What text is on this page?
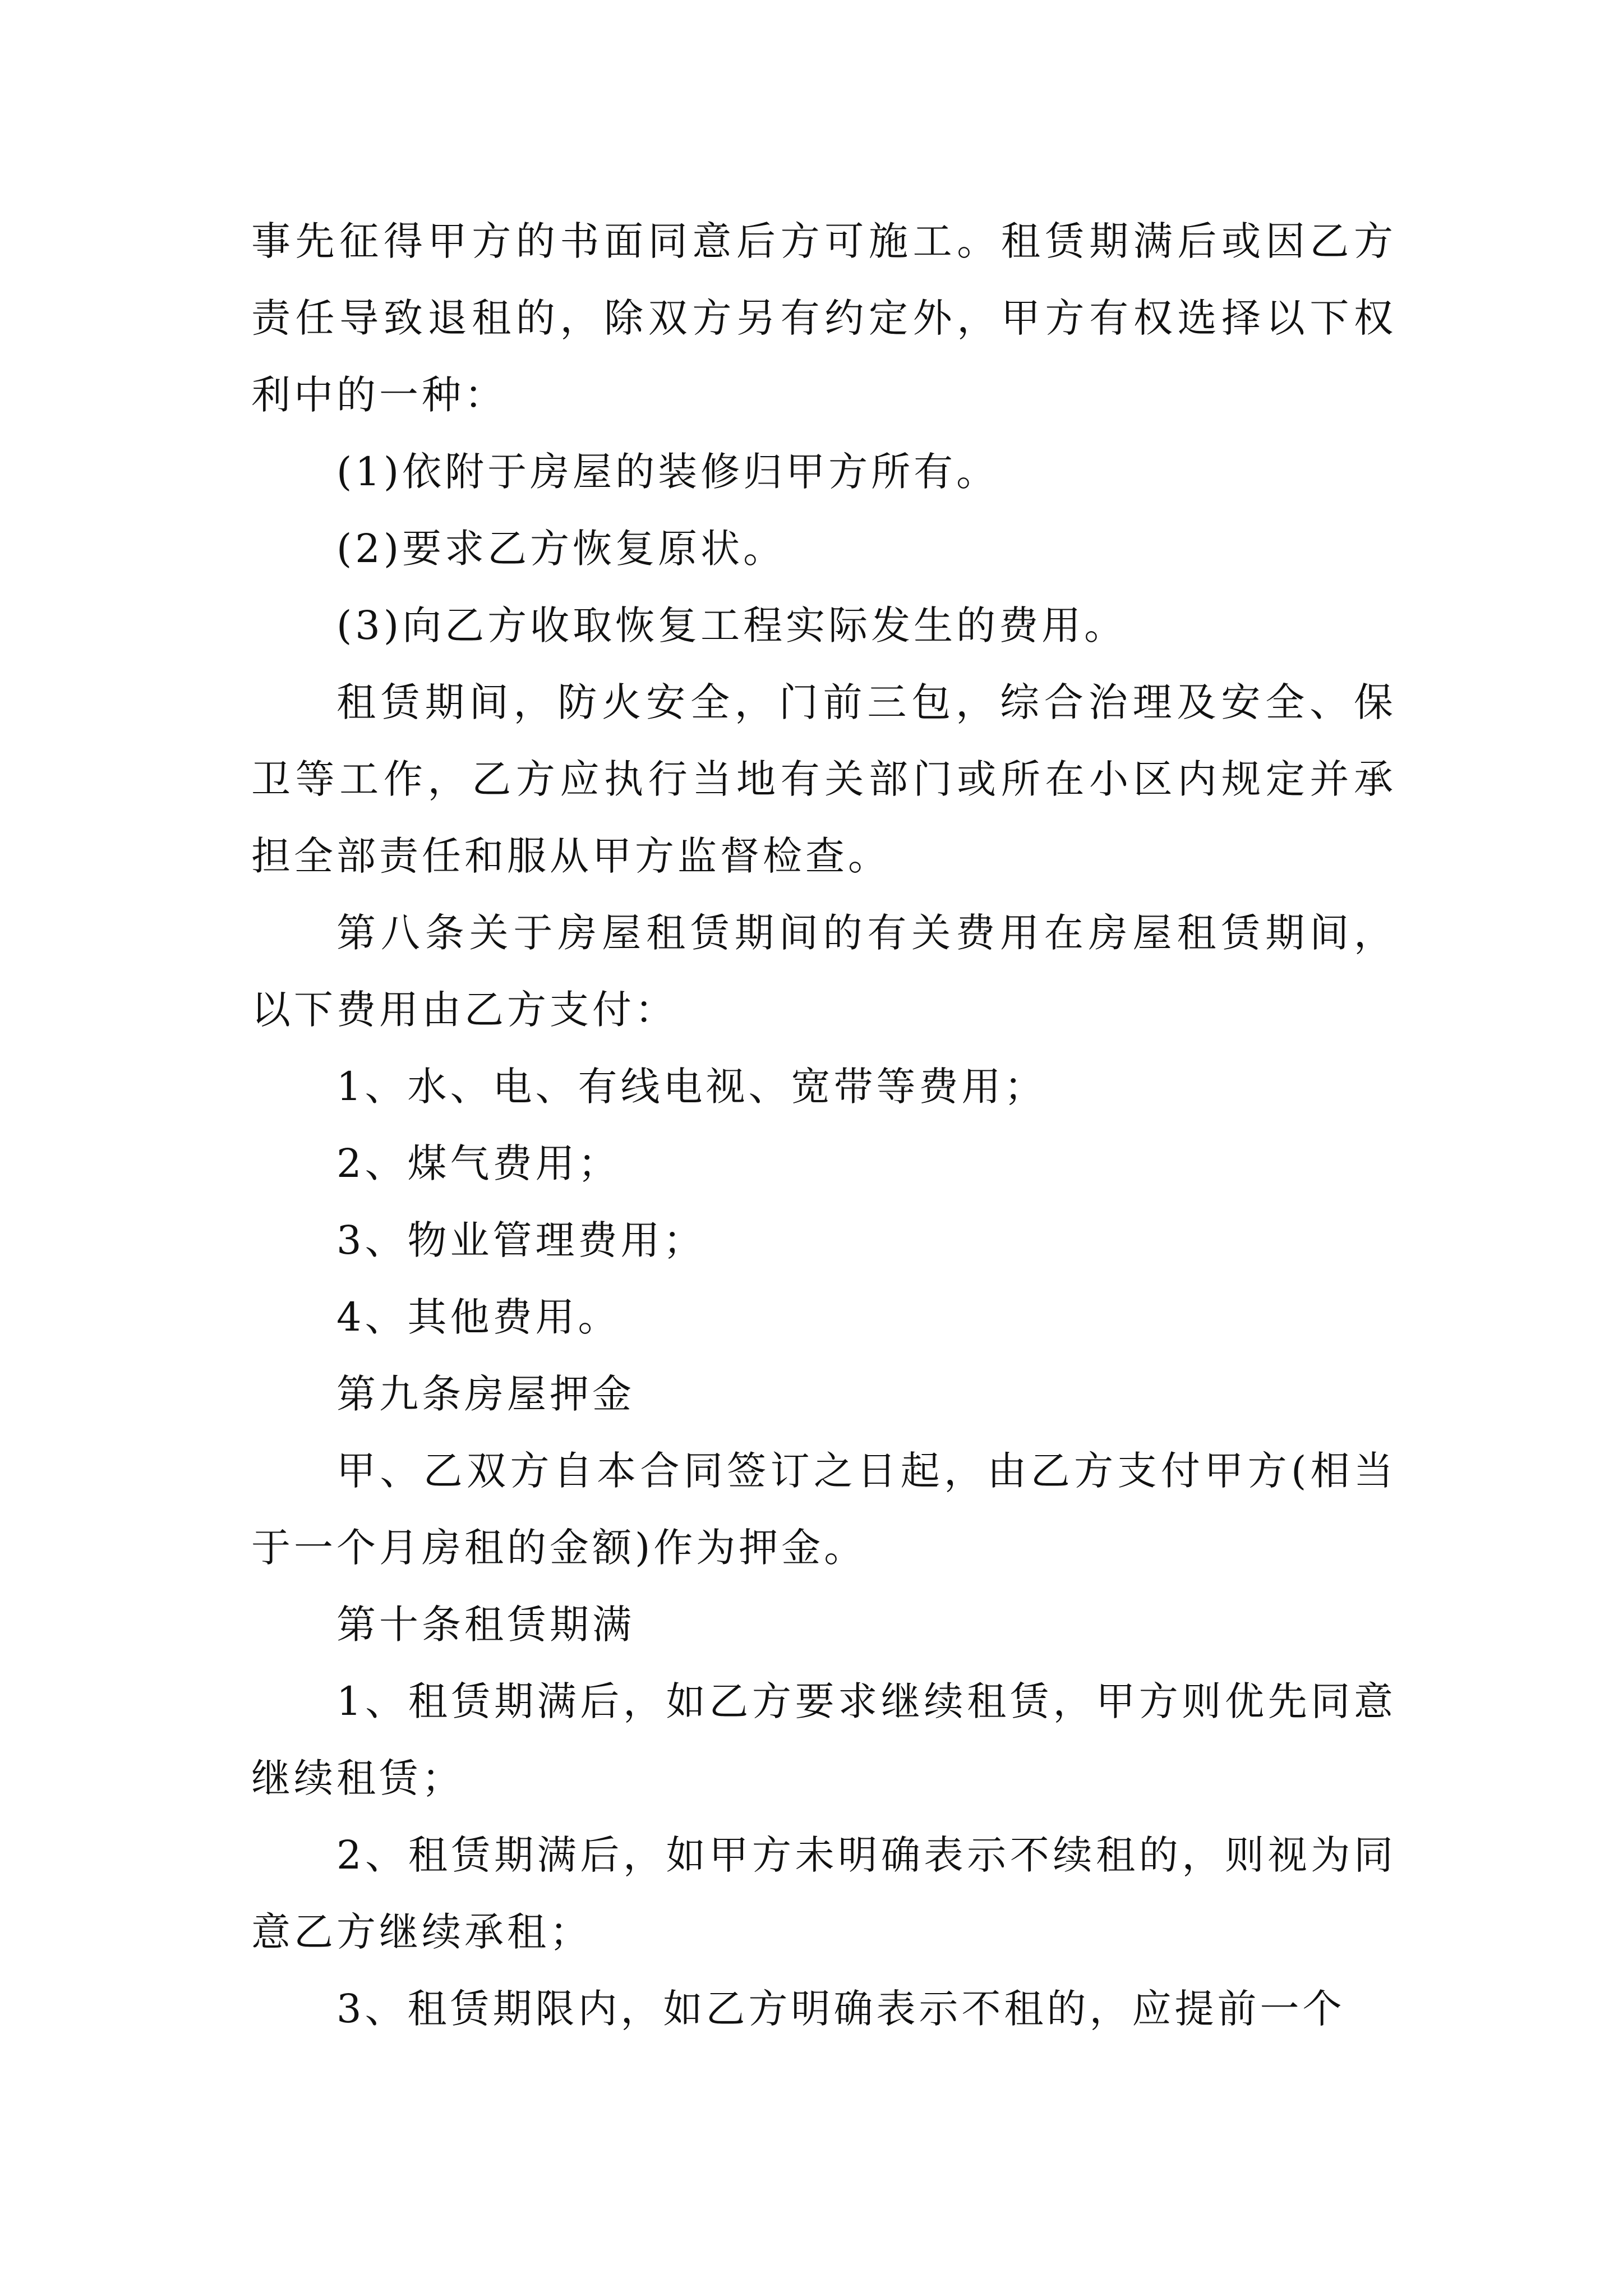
事先征得甲方的书面同意后方可施工。租赁期满后或因乙方责任导致退租的，除双方另有约定外，甲方有权选择以下权利中的一种：

(1)依附于房屋的装修归甲方所有。

(2)要求乙方恢复原状。

(3)向乙方收取恢复工程实际发生的费用。

租赁期间，防火安全，门前三包，综合治理及安全、保卫等工作，乙方应执行当地有关部门或所在小区内规定并承担全部责任和服从甲方监督检查。

第八条关于房屋租赁期间的有关费用在房屋租赁期间，以下费用由乙方支付：

1、水、电、有线电视、宽带等费用；

2、煤气费用；

3、物业管理费用；

4、其他费用。

第九条房屋押金

甲、乙双方自本合同签订之日起，由乙方支付甲方(相当于一个月房租的金额)作为押金。

第十条租赁期满

1、租赁期满后，如乙方要求继续租赁，甲方则优先同意继续租赁；

2、租赁期满后，如甲方未明确表示不续租的，则视为同意乙方继续承租；

3、租赁期限内，如乙方明确表示不租的，应提前一个
